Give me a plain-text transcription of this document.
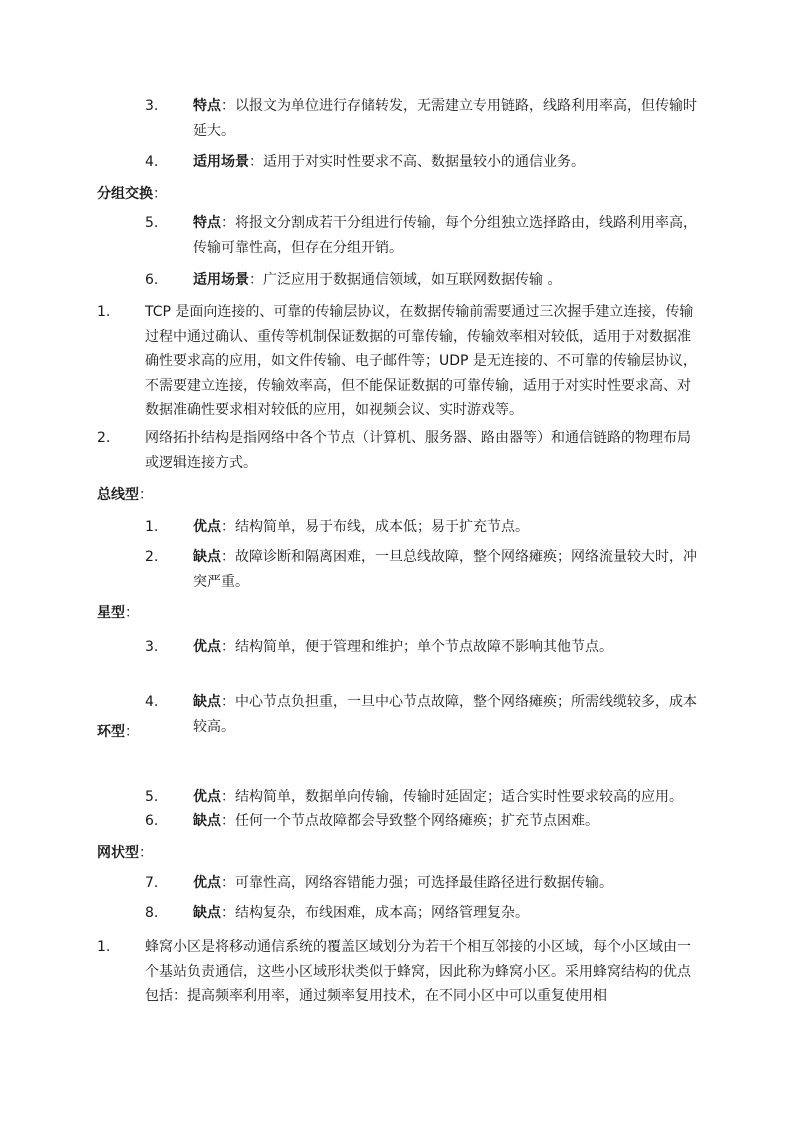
3. 特点：以报文为单位进行存储转发，无需建立专用链路，线路利用率高，但传输时延大。
4. 适用场景：适用于对实时性要求不高、数据量较小的通信业务。
分组交换：
5. 特点：将报文分割成若干分组进行传输，每个分组独立选择路由，线路利用率高，传输可靠性高，但存在分组开销。
6. 适用场景：广泛应用于数据通信领域，如互联网数据传输 。
1. TCP 是面向连接的、可靠的传输层协议，在数据传输前需要通过三次握手建立连接，传输过程中通过确认、重传等机制保证数据的可靠传输，传输效率相对较低，适用于对数据准确性要求高的应用，如文件传输、电子邮件等；UDP 是无连接的、不可靠的传输层协议，不需要建立连接，传输效率高，但不能保证数据的可靠传输，适用于对实时性要求高、对数据准确性要求相对较低的应用，如视频会议、实时游戏等。
2. 网络拓扑结构是指网络中各个节点（计算机、服务器、路由器等）和通信链路的物理布局或逻辑连接方式。
总线型：
1. 优点：结构简单，易于布线，成本低；易于扩充节点。
2. 缺点：故障诊断和隔离困难，一旦总线故障，整个网络瘫痪；网络流量较大时，冲突严重。
星型：
3. 优点：结构简单，便于管理和维护；单个节点故障不影响其他节点。
4. 缺点：中心节点负担重，一旦中心节点故障，整个网络瘫痪；所需线缆较多，成本较高。
环型：
5. 优点：结构简单，数据单向传输，传输时延固定；适合实时性要求较高的应用。
6. 缺点：任何一个节点故障都会导致整个网络瘫痪；扩充节点困难。
网状型：
7. 优点：可靠性高，网络容错能力强；可选择最佳路径进行数据传输。
8. 缺点：结构复杂，布线困难，成本高；网络管理复杂。
1. 蜂窝小区是将移动通信系统的覆盖区域划分为若干个相互邻接的小区域，每个小区域由一个基站负责通信，这些小区域形状类似于蜂窝，因此称为蜂窝小区。采用蜂窝结构的优点包括：提高频率利用率，通过频率复用技术，在不同小区中可以重复使用相
